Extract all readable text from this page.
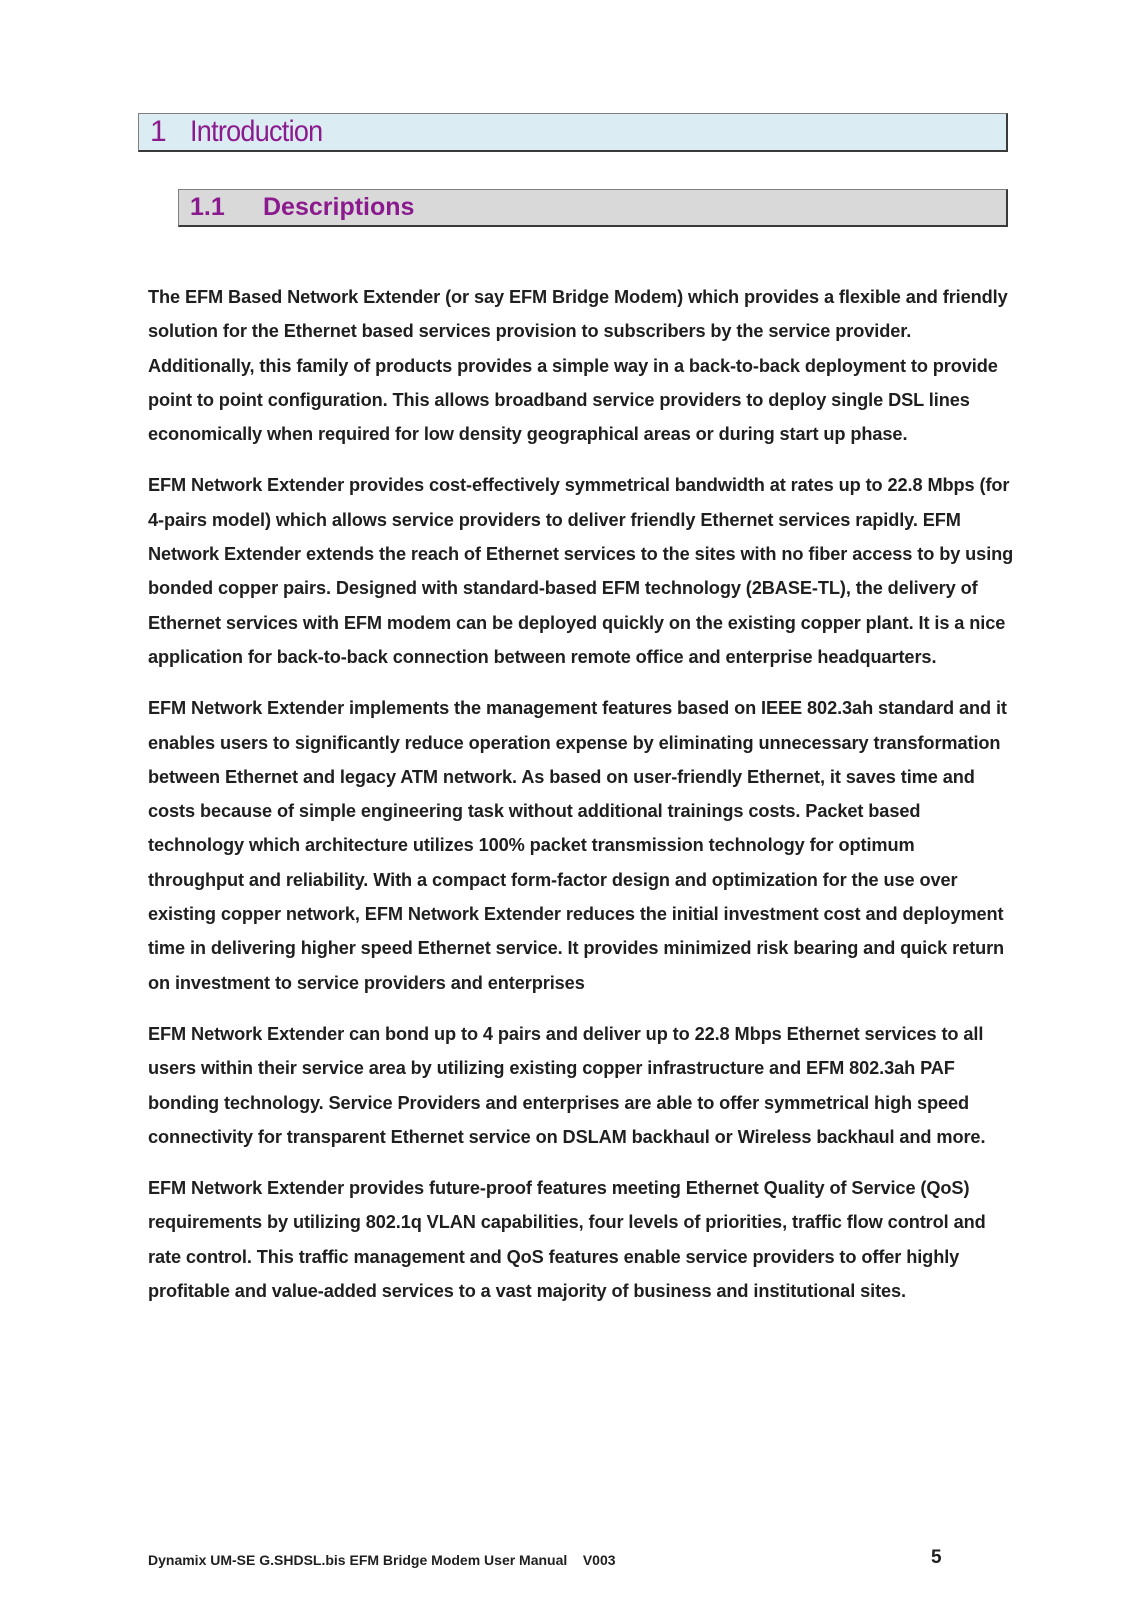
1 Introduction
1.1	Descriptions

The EFM Based Network Extender (or say EFM Bridge Modem) which provides a flexible and friendly solution for the Ethernet based services provision to subscribers by the service provider. Additionally, this family of products provides a simple way in a back-to-back deployment to provide point to point configuration. This allows broadband service providers to deploy single DSL lines economically when required for low density geographical areas or during start up phase.

EFM Network Extender provides cost-effectively symmetrical bandwidth at rates up to 22.8 Mbps (for 4-pairs model) which allows service providers to deliver friendly Ethernet services rapidly. EFM Network Extender extends the reach of Ethernet services to the sites with no fiber access to by using bonded copper pairs. Designed with standard-based EFM technology (2BASE-TL), the delivery of Ethernet services with EFM modem can be deployed quickly on the existing copper plant. It is a nice application for back-to-back connection between remote office and enterprise headquarters.

EFM Network Extender implements the management features based on IEEE 802.3ah standard and it enables users to significantly reduce operation expense by eliminating unnecessary transformation between Ethernet and legacy ATM network. As based on user-friendly Ethernet, it saves time and costs because of simple engineering task without additional trainings costs. Packet based technology which architecture utilizes 100% packet transmission technology for optimum throughput and reliability. With a compact form-factor design and optimization for the use over existing copper network, EFM Network Extender reduces the initial investment cost and deployment time in delivering higher speed Ethernet service. It provides minimized risk bearing and quick return on investment to service providers and enterprises

EFM Network Extender can bond up to 4 pairs and deliver up to 22.8 Mbps Ethernet services to all users within their service area by utilizing existing copper infrastructure and EFM 802.3ah PAF bonding technology. Service Providers and enterprises are able to offer symmetrical high speed connectivity for transparent Ethernet service on DSLAM backhaul or Wireless backhaul and more.

EFM Network Extender provides future-proof features meeting Ethernet Quality of Service (QoS) requirements by utilizing 802.1q VLAN capabilities, four levels of priorities, traffic flow control and rate control. This traffic management and QoS features enable service providers to offer highly profitable and value-added services to a vast majority of business and institutional sites.

Dynamix UM-SE G.SHDSL.bis EFM Bridge Modem User Manual    V003	5
